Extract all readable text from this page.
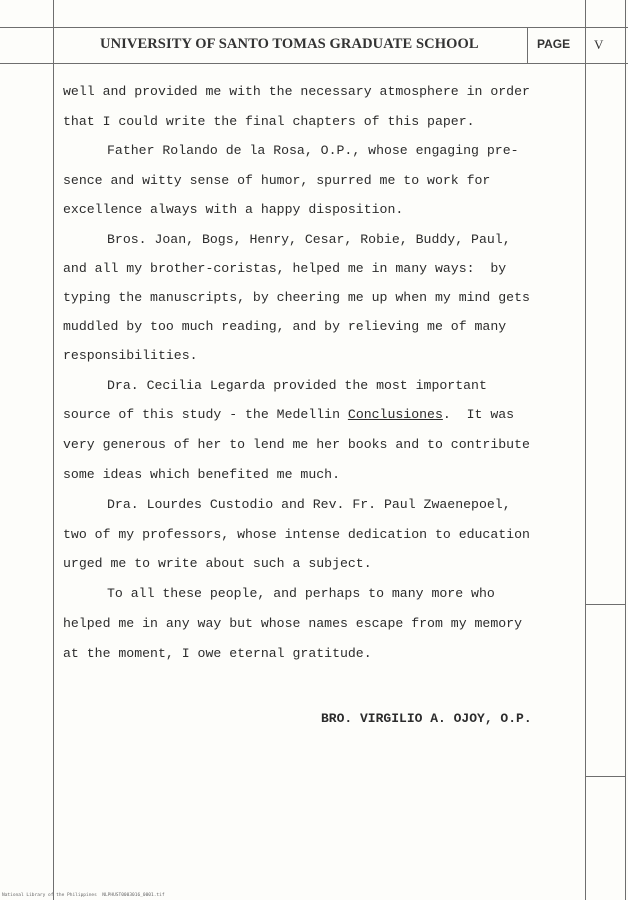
UNIVERSITY OF SANTO TOMAS GRADUATE SCHOOL	PAGE V
well and provided me with the necessary atmosphere in order
that I could write the final chapters of this paper.
Father Rolando de la Rosa, O.P., whose engaging pre-
sence and witty sense of humor, spurred me to work for
excellence always with a happy disposition.
Bros. Joan, Bogs, Henry, Cesar, Robie, Buddy, Paul,
and all my brother-coristas, helped me in many ways:  by
typing the manuscripts, by cheering me up when my mind gets
muddled by too much reading, and by relieving me of many
responsibilities.
Dra. Cecilia Legarda provided the most important
source of this study - the Medellin Conclusiones.  It was
very generous of her to lend me her books and to contribute
some ideas which benefited me much.
Dra. Lourdes Custodio and Rev. Fr. Paul Zwaenepoel,
two of my professors, whose intense dedication to education
urged me to write about such a subject.
To all these people, and perhaps to many more who
helped me in any way but whose names escape from my memory
at the moment, I owe eternal gratitude.
BRO. VIRGILIO A. OJOY, O.P.
National Library of the Philippines  NLPHUST0003016_0001.tif
